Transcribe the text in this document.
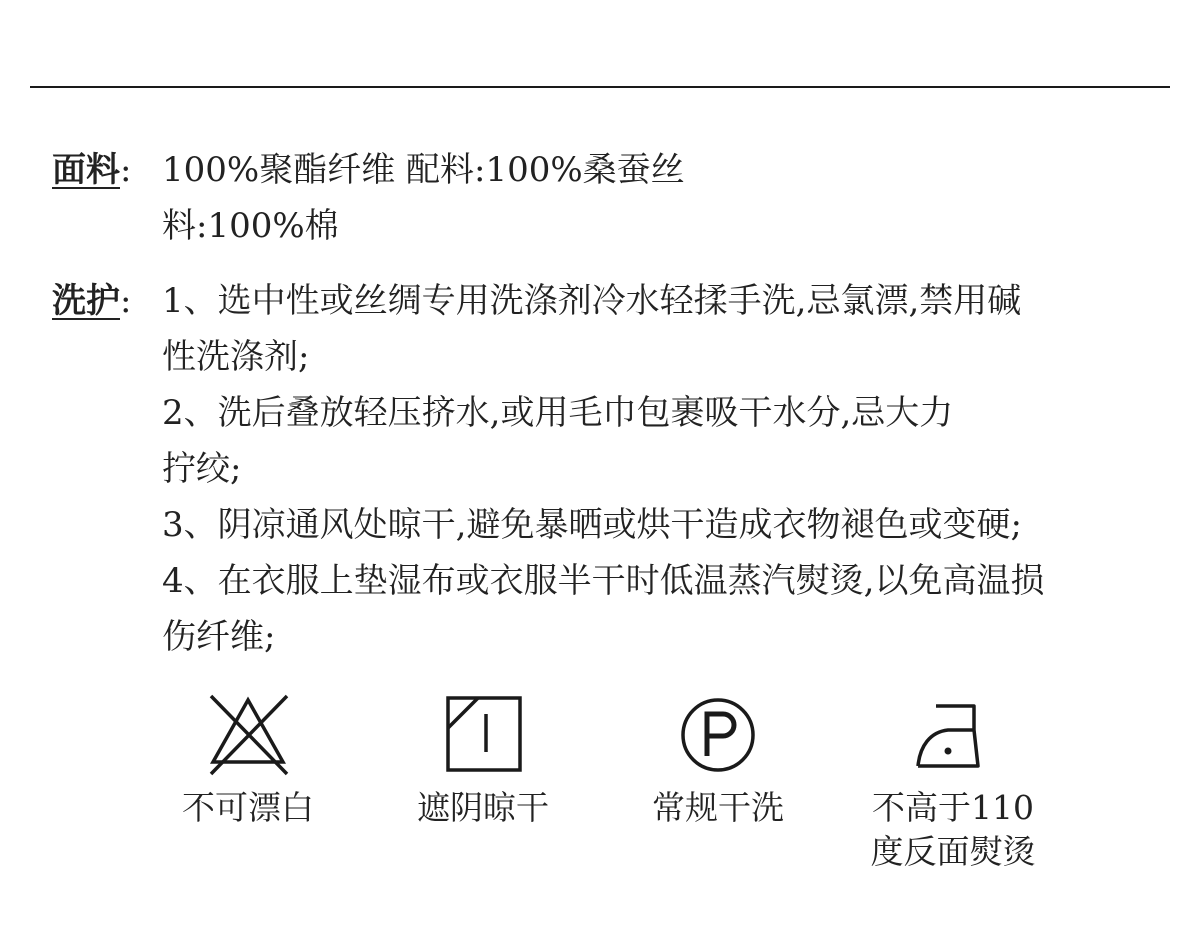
面料: 100%聚酯纤维 配料:100%桑蚕丝
料:100%棉
洗护: 1、选中性或丝绸专用洗涤剂冷水轻揉手洗,忌氯漂,禁用碱
性洗涤剂;
2、洗后叠放轻压挤水,或用毛巾包裹吸干水分,忌大力
拧绞;
3、阴凉通风处晾干,避免暴晒或烘干造成衣物褪色或变硬;
4、在衣服上垫湿布或衣服半干时低温蒸汽熨烫,以免高温损
伤纤维;
不可漂白	遮阴晾干	常规干洗	不高于110
度反面熨烫
